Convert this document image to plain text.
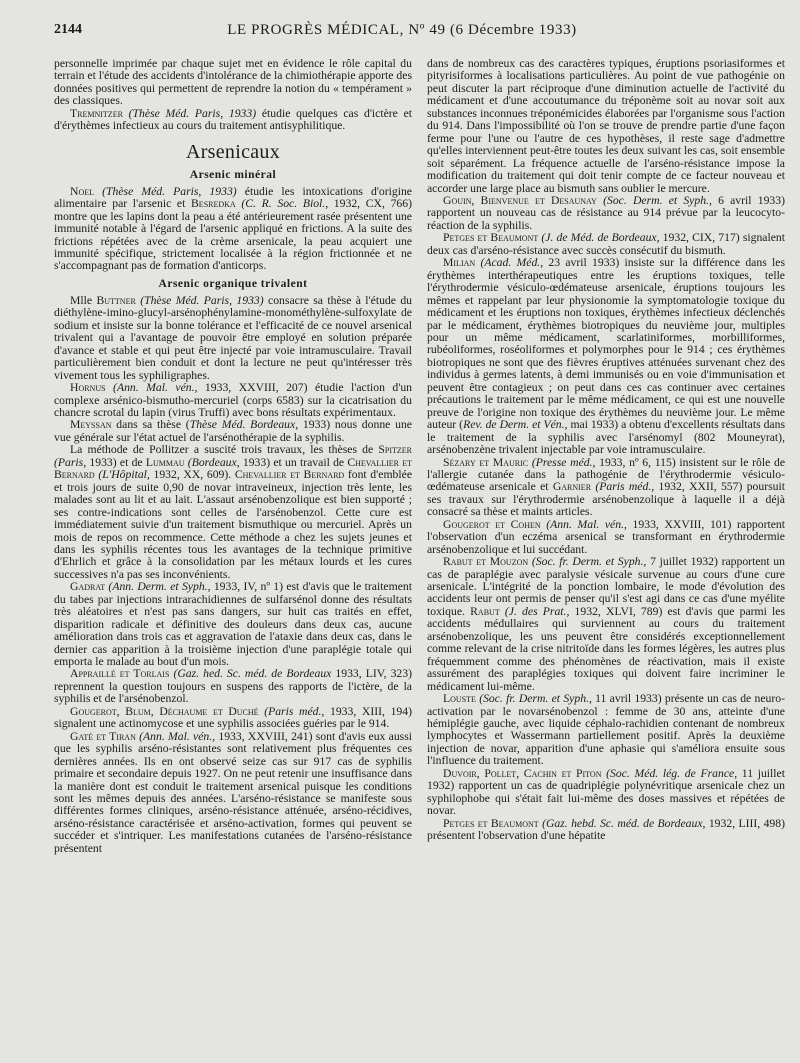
2144	LE PROGRÈS MÉDICAL, Nº 49 (6 Décembre 1933)

personnelle imprimée par chaque sujet met en évidence le rôle capital du terrain et l'étude des accidents d'intolérance de la chimiothérapie apporte des données positives qui permettent de reprendre la notion du « tempérament » des classiques.

Tremnitzer (Thèse Méd. Paris, 1933) étudie quelques cas d'ictère et d'érythèmes infectieux au cours du traitement antisyphilitique.

Arsenicaux
Arsenic minéral

Noel (Thèse Méd. Paris, 1933) étudie les intoxications d'origine alimentaire par l'arsenic et Besredka (C. R. Soc. Biol., 1932, CX, 766) montre que les lapins dont la peau a été antérieurement rasée présentent une immunité notable à l'égard de l'arsenic appliqué en frictions. A la suite des frictions répétées avec de la crème arsenicale, la peau acquiert une immunité spécifique, strictement localisée à la région frictionnée et ne s'accompagnant pas de formation d'anticorps.

Arsenic organique trivalent

Mlle Buttner (Thèse Méd. Paris, 1933) consacre sa thèse à l'étude du diéthylène-imino-glucyl-arsénophénylamine-monométhylène-sulfoxylate de sodium et insiste sur la bonne tolérance et l'efficacité de ce nouvel arsenical trivalent qui a l'avantage de pouvoir être employé en solution préparée d'avance et stable et qui peut être injecté par voie intramusculaire. Travail particulièrement bien conduit et dont la lecture ne peut qu'intéresser très vivement tous les syphiligraphes.

Hornus (Ann. Mal. vén., 1933, XXVIII, 207) étudie l'action d'un complexe arsénico-bismutho-mercuriel (corps 6583) sur la cicatrisation du chancre scrotal du lapin (virus Truffi) avec bons résultats expérimentaux.

Meyssan dans sa thèse (Thèse Méd. Bordeaux, 1933) nous donne une vue générale sur l'état actuel de l'arsénothérapie de la syphilis.

La méthode de Pollitzer a suscité trois travaux, les thèses de Spitzer (Paris, 1933) et de Lummau (Bordeaux, 1933) et un travail de Chevallier et Bernard (L'Hôpital, 1932, XX, 609). Chevallier et Bernard font d'emblée et trois jours de suite 0,90 de novar intraveineux, injection très lente, les malades sont au lit et au lait. L'assaut arsénobenzolique est bien supporté ; ses contre-indications sont celles de l'arsénobenzol. Cette cure est immédiatement suivie d'un traitement bismuthique ou mercuriel. Après un mois de repos on recommence. Cette méthode a chez les sujets jeunes et dans les syphilis récentes tous les avantages de la technique primitive d'Ehrlich et grâce à la consolidation par les métaux lourds et les cures successives n'a pas ses inconvénients.

Gadrat (Ann. Derm. et Syph., 1933, IV, nº 1) est d'avis que le traitement du tabes par injections intrarachidiennes de sulfarsénol donne des résultats très aléatoires et n'est pas sans dangers, sur huit cas traités en effet, disparition radicale et définitive des douleurs dans deux cas, aucune amélioration dans trois cas et aggravation de l'ataxie dans deux cas, dans le dernier cas apparition à la troisième injection d'une paraplégie totale qui emporta le malade au bout d'un mois.

Appraillé et Torlais (Gaz. hed. Sc. méd. de Bordeaux 1933, LIV, 323) reprennent la question toujours en suspens des rapports de l'ictère, de la syphilis et de l'arsénobenzol.

Gougerot, Blum, Déchaume et Duché (Paris méd., 1933, XIII, 194) signalent une actinomycose et une syphilis associées guéries par le 914.

Gaté et Tiran (Ann. Mal. vén., 1933, XXVIII, 241) sont d'avis eux aussi que les syphilis arséno-résistantes sont relativement plus fréquentes ces dernières années. Ils en ont observé seize cas sur 917 cas de syphilis primaire et secondaire depuis 1927. On ne peut retenir une insuffisance dans la manière dont est conduit le traitement arsenical puisque les conditions sont les mêmes depuis des années. L'arséno-résistance se manifeste sous différentes formes cliniques, arséno-résistance atténuée, arséno-récidives, arséno-résistance caractérisée et arséno-activation, formes qui peuvent se succéder et s'intriquer. Les manifestations cutanées de l'arséno-résistance présentent

dans de nombreux cas des caractères typiques, éruptions psoriasiformes et pityrisiformes à localisations particulières. Au point de vue pathogénie on peut discuter la part réciproque d'une diminution actuelle de l'activité du médicament et d'une accoutumance du tréponème soit au novar soit aux substances inconnues tréponémicides élaborées par l'organisme sous l'action du 914. Dans l'impossibilité où l'on se trouve de prendre partie d'une façon ferme pour l'une ou l'autre de ces hypothèses, il reste sage d'admettre qu'elles interviennent peut-être toutes les deux suivant les cas, soit ensemble soit séparément. La fréquence actuelle de l'arséno-résistance impose la modification du traitement qui doit tenir compte de ce facteur nouveau et accorder une large place au bismuth sans oublier le mercure.

Gouin, Bienvenue et Desaunay (Soc. Derm. et Syph., 6 avril 1933) rapportent un nouveau cas de résistance au 914 prévue par la leucocyto-réaction de la syphilis.

Petges et Beaumont (J. de Méd. de Bordeaux, 1932, CIX, 717) signalent deux cas d'arséno-résistance avec succès consécutif du bismuth.

Milian (Acad. Méd., 23 avril 1933) insiste sur la différence dans les érythèmes interthérapeutiques entre les éruptions toxiques, telle l'érythrodermie vésiculo-œdémateuse arsenicale, éruptions toujours les mêmes et rappelant par leur physionomie la symptomatologie toxique du médicament et les éruptions non toxiques, érythèmes infectieux déclenchés par le médicament, érythèmes biotropiques du neuvième jour, multiples pour un même médicament, scarlatiniformes, morbilliformes, rubéoliformes, roséoliformes et polymorphes pour le 914 ; ces érythèmes biotropiques ne sont que des fièvres éruptives atténuées survenant chez des individus à germes latents, à demi immunisés ou en voie d'immunisation et peuvent être contagieux ; on peut dans ces cas continuer avec certaines précautions le traitement par le même médicament, ce qui est une nouvelle preuve de l'origine non toxique des érythèmes du neuvième jour. Le même auteur (Rev. de Derm. et Vén., mai 1933) a obtenu d'excellents résultats dans le traitement de la syphilis avec l'arsénomyl (802 Mouneyrat), arsénobenzène trivalent injectable par voie intramusculaire.

Sézary et Mauric (Presse méd., 1933, nº 6, 115) insistent sur le rôle de l'allergie cutanée dans la pathogénie de l'érythrodermie vésiculo-œdémateuse arsenicale et Garnier (Paris méd., 1932, XXII, 557) poursuit ses travaux sur l'érythrodermie arsénobenzolique à laquelle il a déjà consacré sa thèse et maints articles.

Gougerot et Cohen (Ann. Mal. vén., 1933, XXVIII, 101) rapportent l'observation d'un eczéma arsenical se transformant en érythrodermie arsénobenzolique et lui succédant.

Rabut et Mouzon (Soc. fr. Derm. et Syph., 7 juillet 1932) rapportent un cas de paraplégie avec paralysie vésicale survenue au cours d'une cure arsenicale. L'intégrité de la ponction lombaire, le mode d'évolution des accidents leur ont permis de penser qu'il s'est agi dans ce cas d'une myélite toxique. Rabut (J. des Prat., 1932, XLVI, 789) est d'avis que parmi les accidents médullaires qui surviennent au cours du traitement arsénobenzolique, les uns peuvent être considérés exceptionnellement comme relevant de la crise nitritoïde dans les formes légères, les autres plus fréquemment comme des phénomènes de réactivation, mais il existe assurément des paraplégies toxiques qui doivent faire incriminer le médicament lui-même.

Louste (Soc. fr. Derm. et Syph., 11 avril 1933) présente un cas de neuro-activation par le novarsénobenzol : femme de 30 ans, atteinte d'une hémiplégie gauche, avec liquide céphalo-rachidien contenant de nombreux lymphocytes et Wassermann partiellement positif. Après la deuxième injection de novar, apparition d'une aphasie qui s'améliora ensuite sous l'influence du traitement.

Duvoir, Pollet, Cachin et Piton (Soc. Méd. lég. de France, 11 juillet 1932) rapportent un cas de quadriplégie polynévritique arsenicale chez un syphilophobe qui s'était fait lui-même des doses massives et répétées de novar.

Petges et Beaumont (Gaz. hebd. Sc. méd. de Bordeaux, 1932, LIII, 498) présentent l'observation d'une hépatite
